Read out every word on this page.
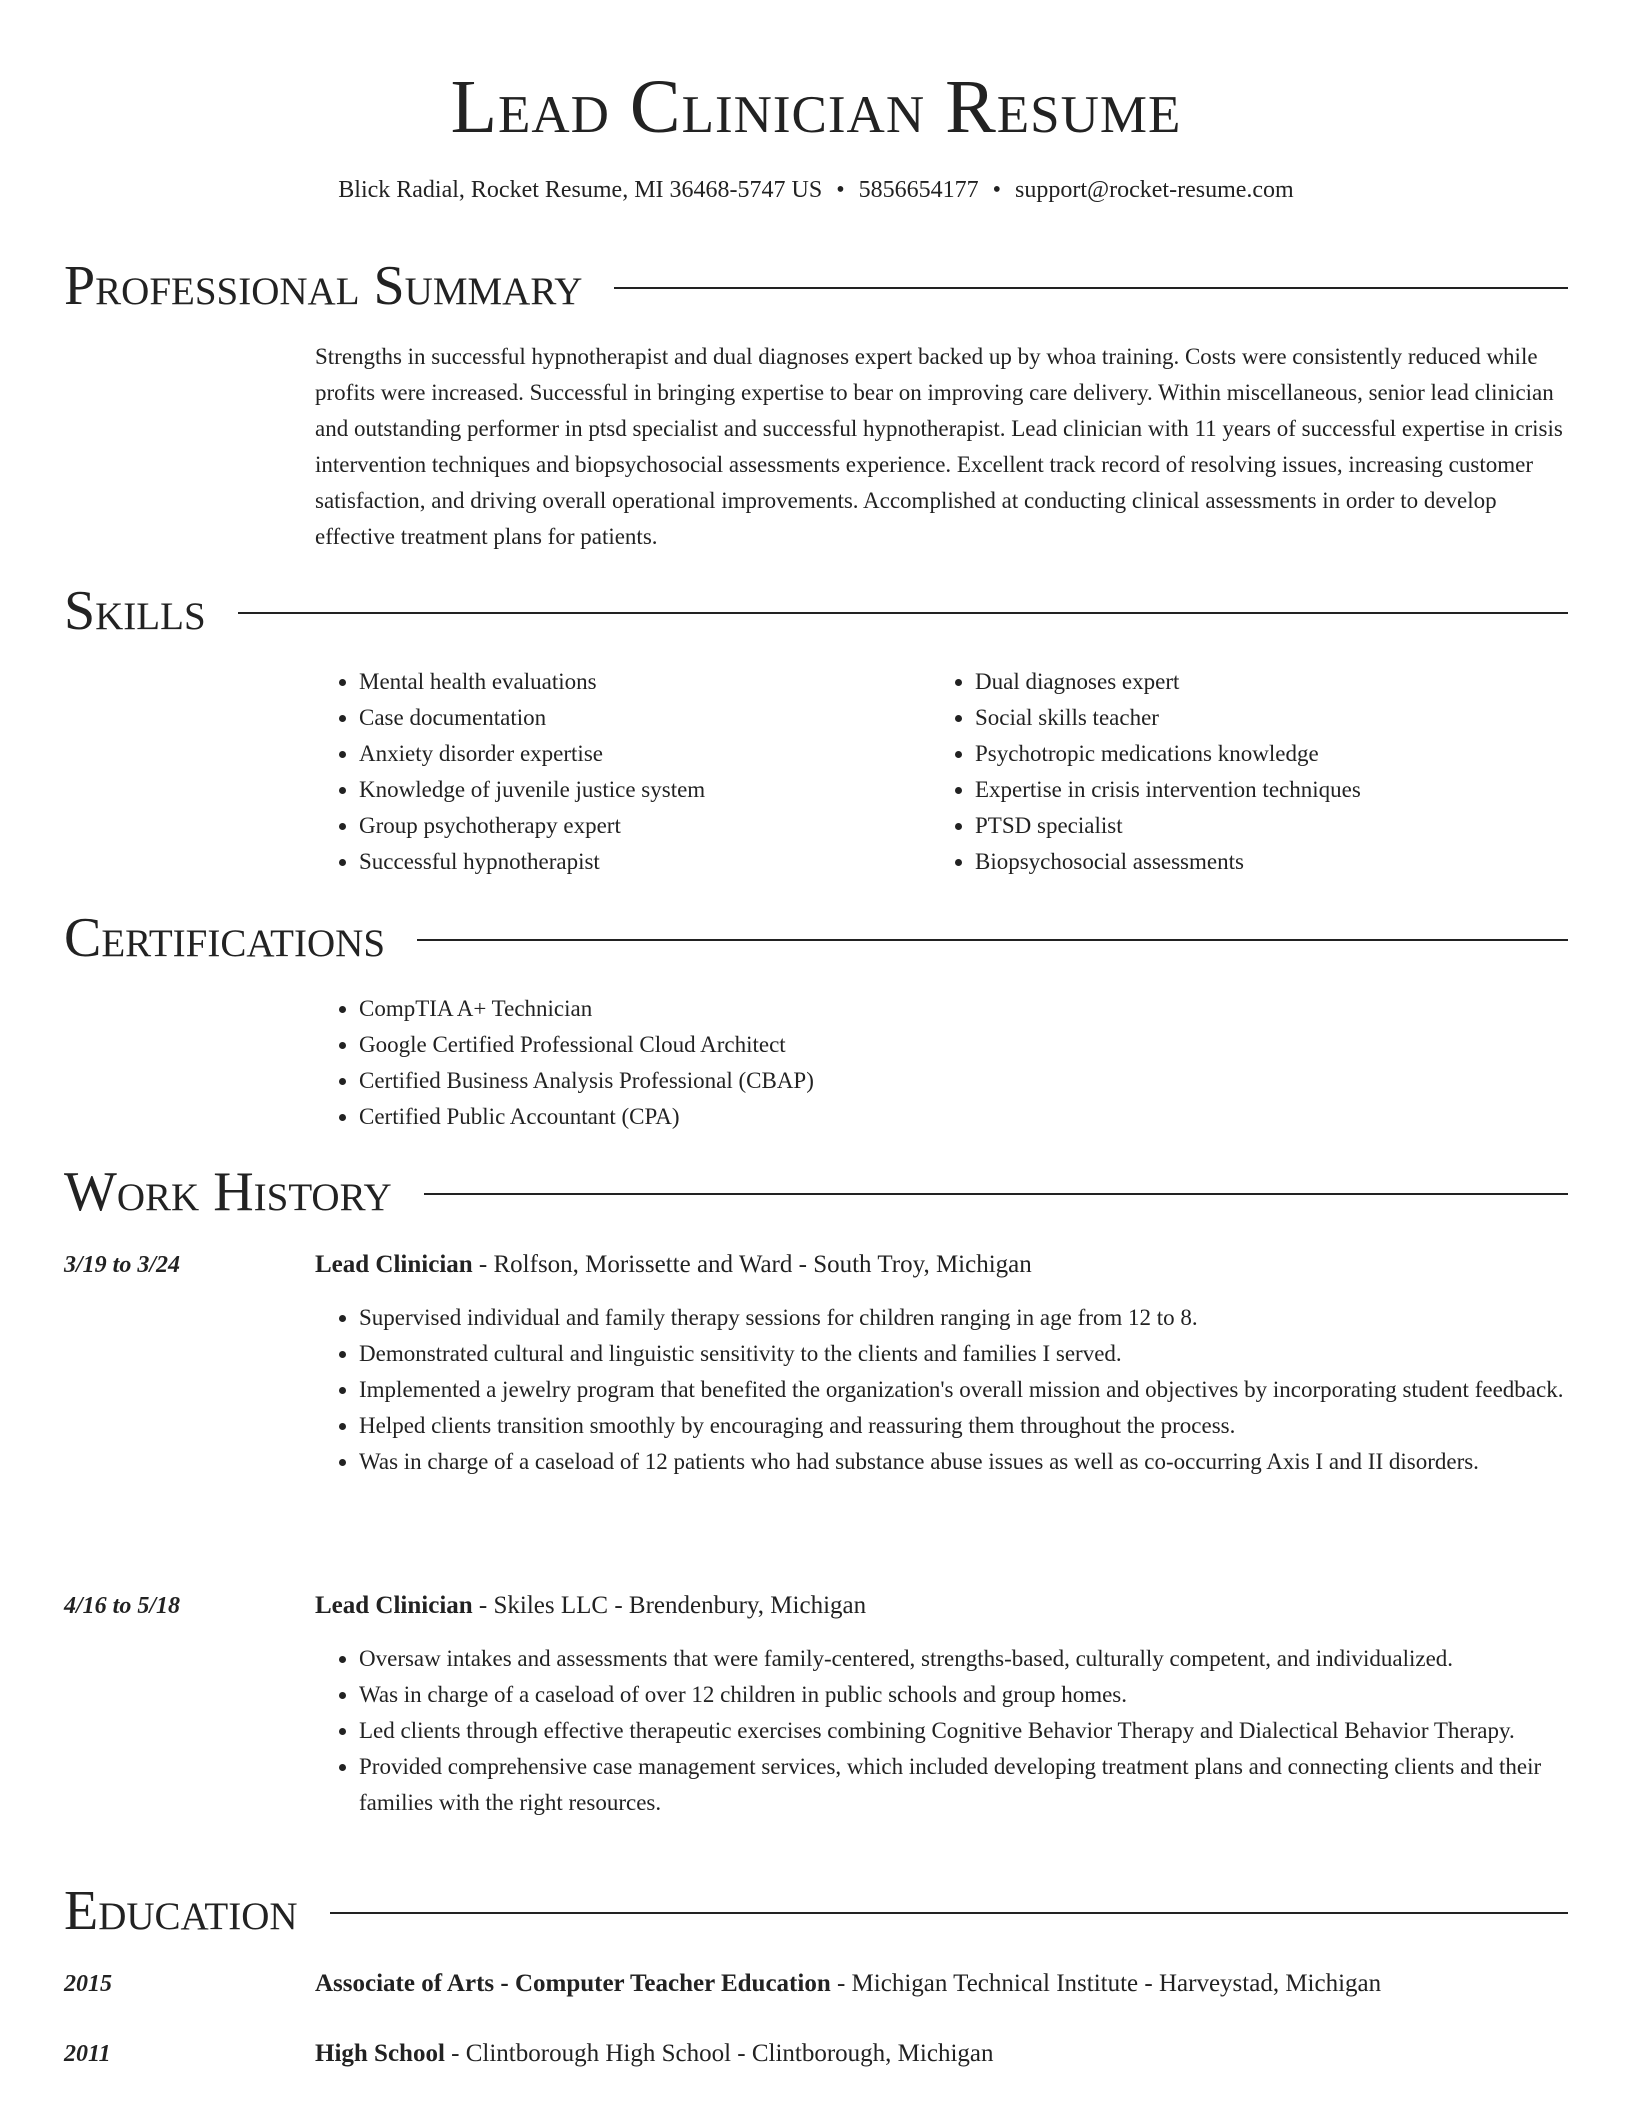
Lead Clinician Resume
Blick Radial, Rocket Resume, MI 36468-5747 US • 5856654177 • support@rocket-resume.com
Professional Summary

Strengths in successful hypnotherapist and dual diagnoses expert backed up by whoa training. Costs were consistently reduced while profits were increased. Successful in bringing expertise to bear on improving care delivery. Within miscellaneous, senior lead clinician and outstanding performer in ptsd specialist and successful hypnotherapist. Lead clinician with 11 years of successful expertise in crisis intervention techniques and biopsychosocial assessments experience. Excellent track record of resolving issues, increasing customer satisfaction, and driving overall operational improvements. Accomplished at conducting clinical assessments in order to develop effective treatment plans for patients.

Skills
• Mental health evaluations
• Case documentation
• Anxiety disorder expertise
• Knowledge of juvenile justice system
• Group psychotherapy expert
• Successful hypnotherapist
• Dual diagnoses expert
• Social skills teacher
• Psychotropic medications knowledge
• Expertise in crisis intervention techniques
• PTSD specialist
• Biopsychosocial assessments
Certifications
• CompTIA A+ Technician
• Google Certified Professional Cloud Architect
• Certified Business Analysis Professional (CBAP)
• Certified Public Accountant (CPA)
Work History
3/19 to 3/24	Lead Clinician - Rolfson, Morissette and Ward - South Troy, Michigan
• Supervised individual and family therapy sessions for children ranging in age from 12 to 8.
• Demonstrated cultural and linguistic sensitivity to the clients and families I served.
• Implemented a jewelry program that benefited the organization's overall mission and objectives by incorporating student feedback.
• Helped clients transition smoothly by encouraging and reassuring them throughout the process.
• Was in charge of a caseload of 12 patients who had substance abuse issues as well as co-occurring Axis I and II disorders.
4/16 to 5/18	Lead Clinician - Skiles LLC - Brendenbury, Michigan
• Oversaw intakes and assessments that were family-centered, strengths-based, culturally competent, and individualized.
• Was in charge of a caseload of over 12 children in public schools and group homes.
• Led clients through effective therapeutic exercises combining Cognitive Behavior Therapy and Dialectical Behavior Therapy.
• Provided comprehensive case management services, which included developing treatment plans and connecting clients and their families with the right resources.
Education
2015	Associate of Arts - Computer Teacher Education - Michigan Technical Institute - Harveystad, Michigan
2011	High School - Clintborough High School - Clintborough, Michigan
